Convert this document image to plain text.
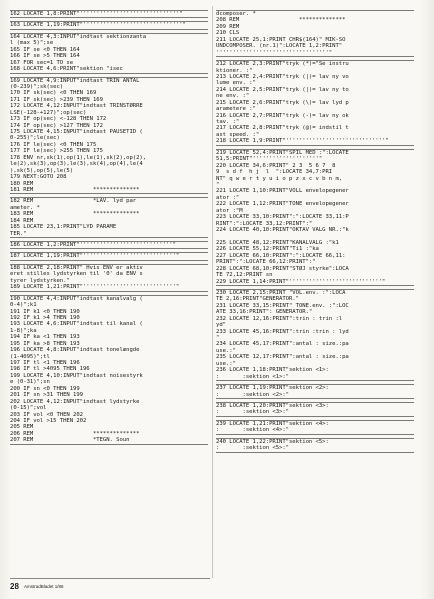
162 LOCATE 1,8:PRINT"''''''''''''''''''''''''''''''"
163 LOCATE 1,19:PRINT"''''''''''''''''''''''''''''''"
164 LOCATE 4,3:INPUT"indtast sektionzanta
l (max 5)";se
165 IF se <0 THEN 164
166 IF se >5 THEN 164
167 FOR sec=1 TO se
168 LOCATE 4,6:PRINT"sektion "isec
169 LOCATE 4,9:INPUT"indtast TRIN ANTAL
(0-239)";sk(sec)
170 IF sk(sec) <0 THEN 169
171 IF sk(sec) >239 THEN 169
172 LOCATE 4,12:INPUT"indtast TRINSTØRRE
LSE(-128-+127)";op(sec)
173 IF op(sec) <-128 THEN 172
174 IF op(sec) >127 THEN 172
175 LOCATE 4,15:INPUT"indtast PAUSETID (
0-255)";le(sec)
176 IF le(sec) <0 THEN 175
177 IF le(sec) >255 THEN 175
178 ENV nr,sk(1),op(1),le(1),sk(2),op(2),
le(2),sk(3),op(3),le(3),sk(4),op(4),le(4
),sk(5),op(5),le(5)
179 NEXT:GOTO 208
180 REM
181 REM                  **************
182 REM                  *LAV. lyd par
ameter. *
183 REM                  **************
184 REM
185 LOCATE 23,1:PRINT"LYD PARAME
TER."
186 LOCATE 1,2:PRINT"''''''''''''''''''''''''''''"
187 LOCATE 1,19:PRINT"''''''''''''''''''''''''''''"
188 LOCATE 2,18:PRINT" Hvis ENV er aktiv
eret stilles lydstyrken til '0' da ENV s
tyrer lydstyrken."
189 LOCATE 1,21:PRINT"''''''''''''''''''''''''''''"
190 LOCATE 4,4:INPUT"indtast kanalvalg (
0-4)";k1
191 IF k1 <0 THEN 190
192 IF k1 >4 THEN 190
193 LOCATE 4,6:INPUT"indtast til kanal (
1-8)";ka
194 IF ka <1 THEN 193
195 IF ka >8 THEN 193
196 LOCATE 4,8:INPUT"indtast tonelængde
(1-4095)";tl
197 IF tl <1 THEN 196
198 IF tl >4095 THEN 196
199 LOCATE 4,10:INPUT"indtast noisestyrk
e (0-31)";sn
200 IF sn <0 THEN 199
201 IF sn >31 THEN 199
202 LOCATE 4,12:INPUT"indtast lydstyrke
(0-15)";vol
203 IF vol <0 THEN 202
204 IF vol >15 THEN 202
205 REM
206 REM                  **************
207 REM                  *TEGN. Soun
dcomposer. *
208 REM                  **************
209 REM
210 CLS
211 LOCATE 25,1:PRINT CHR$(164)" MIK-SO
UNDCOMPOSER. (nr.1)":LOCATE 1,2:PRINT"
''''''''''''''''''''''''''''''''''"
212 LOCATE 2,3:PRINT"tryk (*)="Se instru
ktioner. :"
213 LOCATE 2,4:PRINT"tryk (|)= lav ny vo
lume env. :"
214 LOCATE 2,5:PRINT"tryk (|)= lav ny to
ne env. :"
215 LOCATE 2,6:PRINT"tryk (\)= lav lyd p
arametere :"
216 LOCATE 2,7:PRINT"tryk (-)= lav ny ok
tav. :"
217 LOCATE 2,8:PRINT"tryk (@)= indstil t
ast speed. :"
218 LOCATE 1,9:PRINT"''''''''''''''''''''''''''''''"
219 LOCATE 52,4:PRINT"SPIL MED :":LOCATE
51,5:PRINT"''''''''''''''''''''"
220 LOCATE 34,6:PRINT" 2 3  5 6 7  8
9  s d f  h j  l  ":LOCATE 34,7:PRI
NT" q w e r t y u i o p z x c v b n m,
"
221 LOCATE 1,10:PRINT"VOLL envelopegener
ator :"
222 LOCATE 1,12:PRINT"TONE envelopegener
ator :"M
223 LOCATE 33,10:PRINT":":LOCATE 33,11:P
RINT":":LOCATE 33,12:PRINT":"
224 LOCATE 40,10:PRINT"OKTAV VALG NR.:"k
225 LOCATE 48,12:PRINT"KANALVALG :"k1
226 LOCATE 55,12:PRINT"Ti1 :"ka
227 LOCATE 66,10:PRINT":":LOCATE 66,11:
PRINT":":LOCATE 66,12:PRINT":"
228 LOCATE 68,10:PRINT"STØJ styrke":LOCA
TE 72,12:PRINT sn
229 LOCATE 1,14:PRINT"''''''''''''''''''''''''''''"
230 LOCATE 2,15:PRINT "VOL.env. :":LOCA
TE 2,16:PRINT"GENERATOR."
231 LOCATE 33,15:PRINT" TONE.env. :":LOC
ATE 33,16:PRINT": GENERATOR."
232 LOCATE 12,16:PRINT":trin : trin :l
yd"
233 LOCATE 45,16:PRINT":trin :trin : lyd
"
234 LOCATE 45,17:PRINT":antal : size.:pa
use.:"
235 LOCATE 12,17:PRINT":antal : size.:pa
use.:"
236 LOCATE 1,18:PRINT"sektion <1>:
:       :sektion <1>:"
237 LOCATE 1,19:PRINT"sektion <2>:
:       :sektion <2>:"
238 LOCATE 1,20:PRINT"sektion <3>:
:       :sektion <3>:"
239 LOCATE 1,21:PRINT"sektion <4>:
:       :sektion <4>:"
240 LOCATE 1,22:PRINT"sektion <5>:
:       :sektion <5>:"
28 AmstradBladet 1/86
